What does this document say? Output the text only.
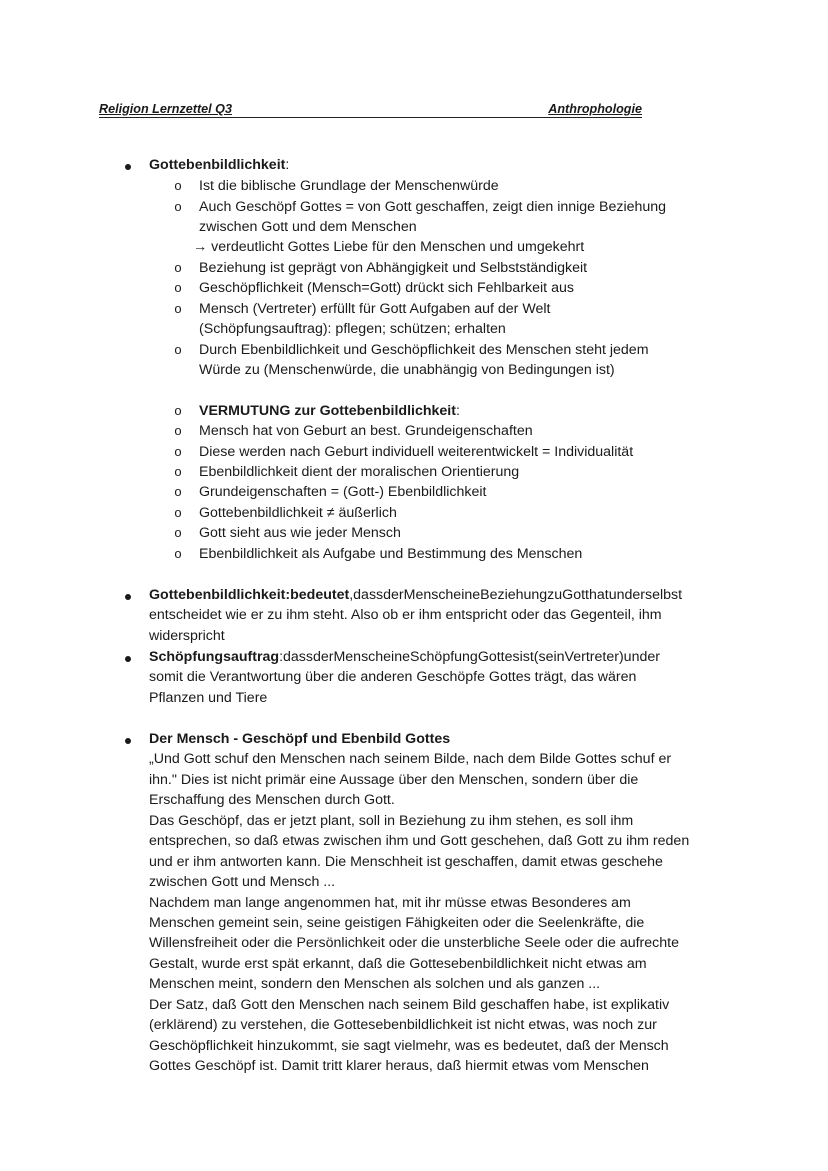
Religion Lernzettel Q3	Anthrophologie
Gottebenbildlichkeit:
o Ist die biblische Grundlage der Menschenwürde
o Auch Geschöpf Gottes = von Gott geschaffen, zeigt dien innige Beziehung
zwischen Gott und dem Menschen
→ verdeutlicht Gottes Liebe für den Menschen und umgekehrt
o Beziehung ist geprägt von Abhängigkeit und Selbstständigkeit
o Geschöpflichkeit (Mensch=Gott) drückt sich Fehlbarkeit aus
o Mensch (Vertreter) erfüllt für Gott Aufgaben auf der Welt
(Schöpfungsauftrag): pflegen; schützen; erhalten
o Durch Ebenbildlichkeit und Geschöpflichkeit des Menschen steht jedem
Würde zu (Menschenwürde, die unabhängig von Bedingungen ist)
o VERMUTUNG zur Gottebenbildlichkeit:
o Mensch hat von Geburt an best. Grundeigenschaften
o Diese werden nach Geburt individuell weiterentwickelt = Individualität
o Ebenbildlichkeit dient der moralischen Orientierung
o Grundeigenschaften = (Gott-) Ebenbildlichkeit
o Gottebenbildlichkeit ≠ äußerlich
o Gott sieht aus wie jeder Mensch
o Ebenbildlichkeit als Aufgabe und Bestimmung des Menschen
Gottebenbildlichkeit:bedeutet,dassderMenscheineBeziehungzuGotthatunderselbst
entscheidet wie er zu ihm steht. Also ob er ihm entspricht oder das Gegenteil, ihm
widerspricht
Schöpfungsauftrag:dassderMenscheineSchöpfungGottesist(seinVertreter)under
somit die Verantwortung über die anderen Geschöpfe Gottes trägt, das wären
Pflanzen und Tiere
Der Mensch - Geschöpf und Ebenbild Gottes
„Und Gott schuf den Menschen nach seinem Bilde, nach dem Bilde Gottes schuf er
ihn." Dies ist nicht primär eine Aussage über den Menschen, sondern über die
Erschaffung des Menschen durch Gott.
Das Geschöpf, das er jetzt plant, soll in Beziehung zu ihm stehen, es soll ihm
entsprechen, so daß etwas zwischen ihm und Gott geschehen, daß Gott zu ihm reden
und er ihm antworten kann. Die Menschheit ist geschaffen, damit etwas geschehe
zwischen Gott und Mensch ...
Nachdem man lange angenommen hat, mit ihr müsse etwas Besonderes am
Menschen gemeint sein, seine geistigen Fähigkeiten oder die Seelenkräfte, die
Willensfreiheit oder die Persönlichkeit oder die unsterbliche Seele oder die aufrechte
Gestalt, wurde erst spät erkannt, daß die Gottesebenbildlichkeit nicht etwas am
Menschen meint, sondern den Menschen als solchen und als ganzen ...
Der Satz, daß Gott den Menschen nach seinem Bild geschaffen habe, ist explikativ
(erklärend) zu verstehen, die Gottesebenbildlichkeit ist nicht etwas, was noch zur
Geschöpflichkeit hinzukommt, sie sagt vielmehr, was es bedeutet, daß der Mensch
Gottes Geschöpf ist. Damit tritt klarer heraus, daß hiermit etwas vom Menschen
